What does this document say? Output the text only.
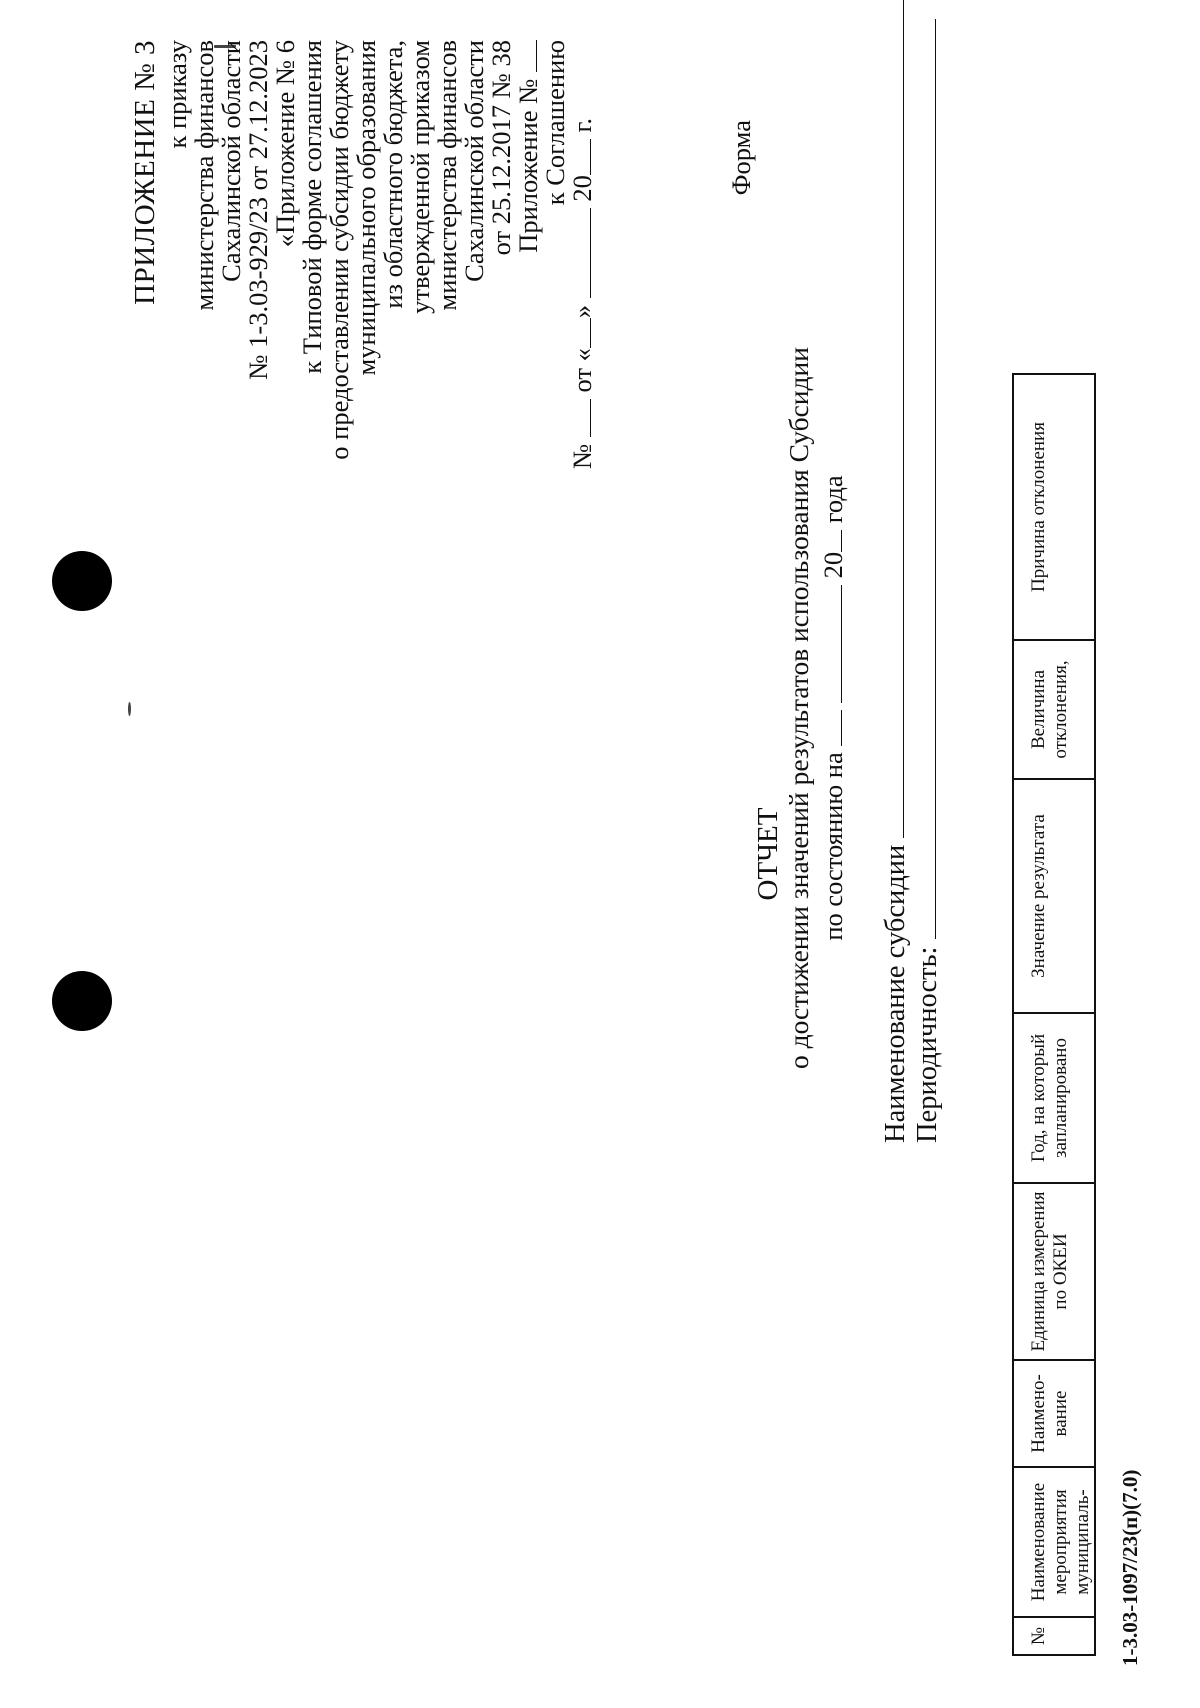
ПРИЛОЖЕНИЕ № 3 к приказу
министерства финансов
Сахалинской области
№ 1-3.03-929/23 от 27.12.2023
«Приложение № 6
к Типовой форме соглашения
о предоставлении субсидии бюджету
муниципального образования
из областного бюджета,
утвержденной приказом
министерства финансов
Сахалинской области
от 25.12.2017 № 38
Приложение №
к Соглашению
№  от «»  20 г.	Форма
ОТЧЕТ о достижении значений результатов использования Субсидии по состоянию на   20 года
Наименование субсидии Периодичность:
№	Наименование мероприятия муниципаль-	Наимено-вание	Единица измерения по ОКЕИ	Год, на который запланировано	Значение результата	Величина отклонения,	Причина отклонения
1-3.03-1097/23(п)(7.0)
